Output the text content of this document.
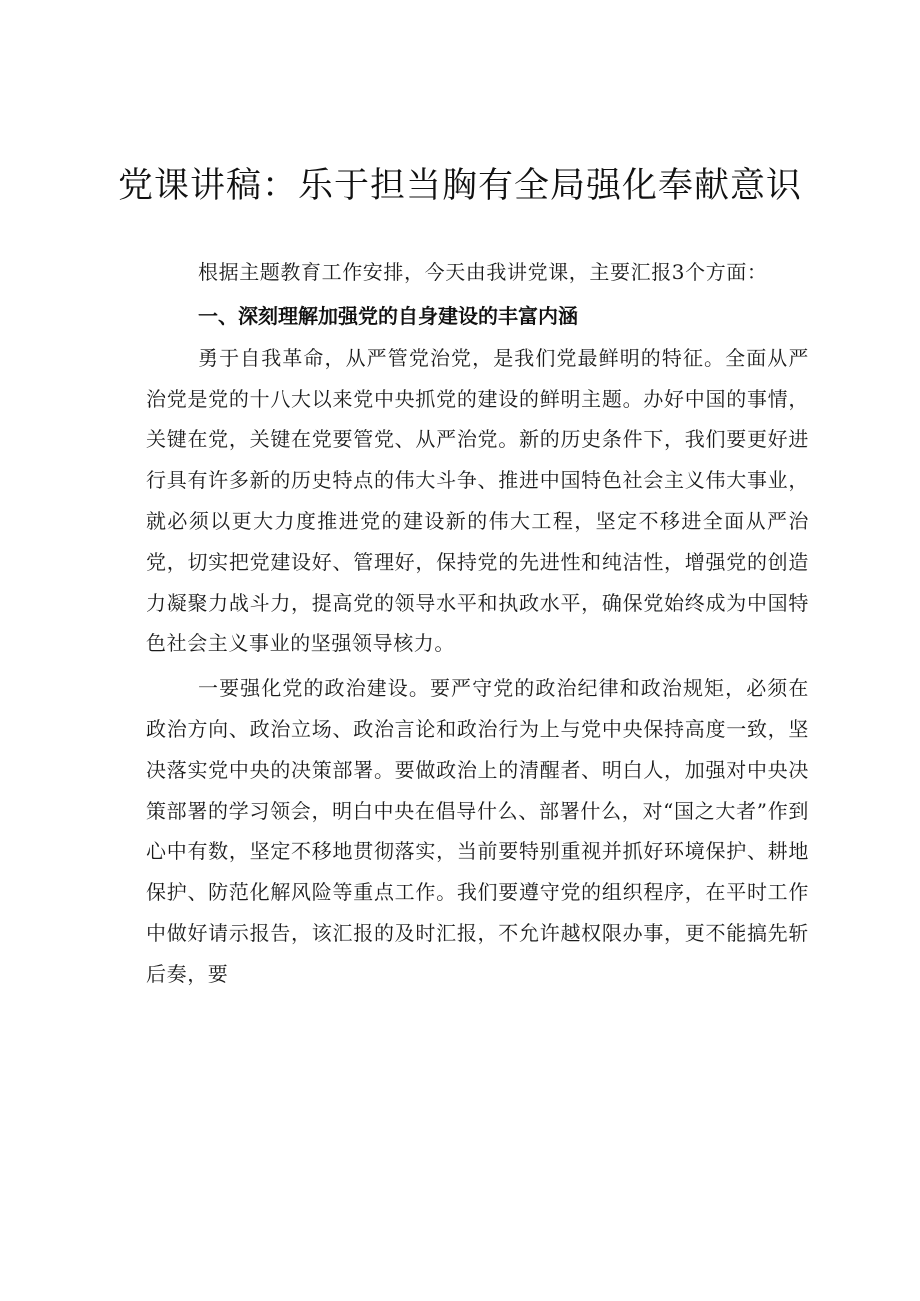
党课讲稿：乐于担当胸有全局强化奉献意识

根据主题教育工作安排，今天由我讲党课，主要汇报3个方面：

一、深刻理解加强党的自身建设的丰富内涵

勇于自我革命，从严管党治党，是我们党最鲜明的特征。全面从严治党是党的十八大以来党中央抓党的建设的鲜明主题。办好中国的事情，关键在党，关键在党要管党、从严治党。新的历史条件下，我们要更好进行具有许多新的历史特点的伟大斗争、推进中国特色社会主义伟大事业，就必须以更大力度推进党的建设新的伟大工程，坚定不移进全面从严治党，切实把党建设好、管理好，保持党的先进性和纯洁性，增强党的创造力凝聚力战斗力，提高党的领导水平和执政水平，确保党始终成为中国特色社会主义事业的坚强领导核力。

一要强化党的政治建设。要严守党的政治纪律和政治规矩，必须在政治方向、政治立场、政治言论和政治行为上与党中央保持高度一致，坚决落实党中央的决策部署。要做政治上的清醒者、明白人，加强对中央决策部署的学习领会，明白中央在倡导什么、部署什么，对“国之大者”作到心中有数，坚定不移地贯彻落实，当前要特别重视并抓好环境保护、耕地保护、防范化解风险等重点工作。我们要遵守党的组织程序，在平时工作中做好请示报告，该汇报的及时汇报，不允许越权限办事，更不能搞先斩后奏，要
